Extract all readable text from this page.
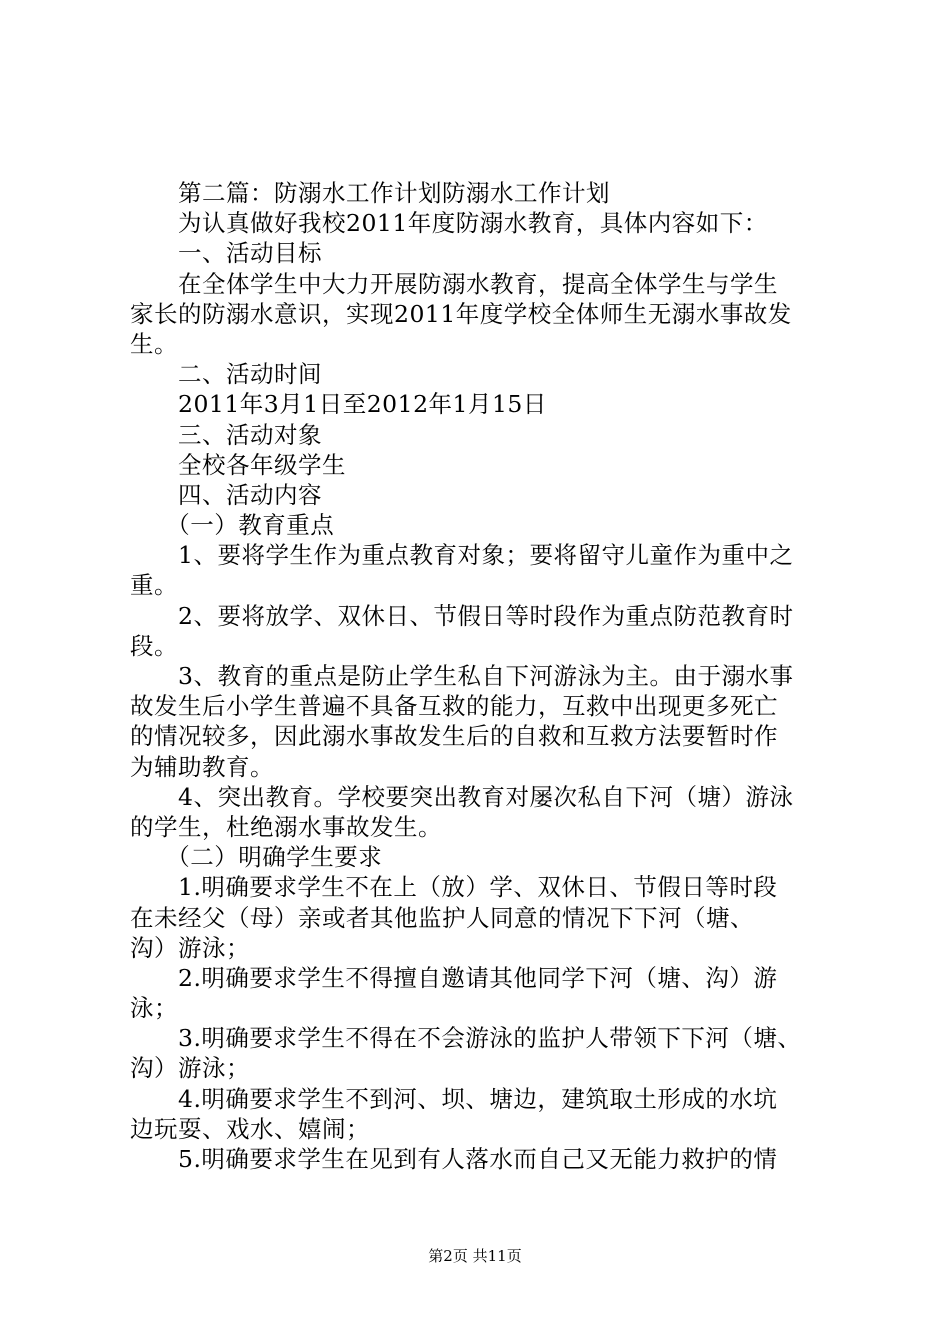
　　第二篇：防溺水工作计划防溺水工作计划
　　为认真做好我校2011年度防溺水教育，具体内容如下：
　　一、活动目标
　　在全体学生中大力开展防溺水教育，提高全体学生与学生
家长的防溺水意识，实现2011年度学校全体师生无溺水事故发
生。
　　二、活动时间
　　2011年3月1日至2012年1月15日
　　三、活动对象
　　全校各年级学生
　　四、活动内容
　　（一）教育重点
　　1、要将学生作为重点教育对象；要将留守儿童作为重中之
重。
　　2、要将放学、双休日、节假日等时段作为重点防范教育时
段。
　　3、教育的重点是防止学生私自下河游泳为主。由于溺水事
故发生后小学生普遍不具备互救的能力，互救中出现更多死亡
的情况较多，因此溺水事故发生后的自救和互救方法要暂时作
为辅助教育。
　　4、突出教育。学校要突出教育对屡次私自下河（塘）游泳
的学生，杜绝溺水事故发生。
　　（二）明确学生要求
　　1.明确要求学生不在上（放）学、双休日、节假日等时段
在未经父（母）亲或者其他监护人同意的情况下下河（塘、
沟）游泳；
　　2.明确要求学生不得擅自邀请其他同学下河（塘、沟）游
泳；
　　3.明确要求学生不得在不会游泳的监护人带领下下河（塘、
沟）游泳；
　　4.明确要求学生不到河、坝、塘边，建筑取土形成的水坑
边玩耍、戏水、嬉闹；
　　5.明确要求学生在见到有人落水而自己又无能力救护的情
第2页 共11页
